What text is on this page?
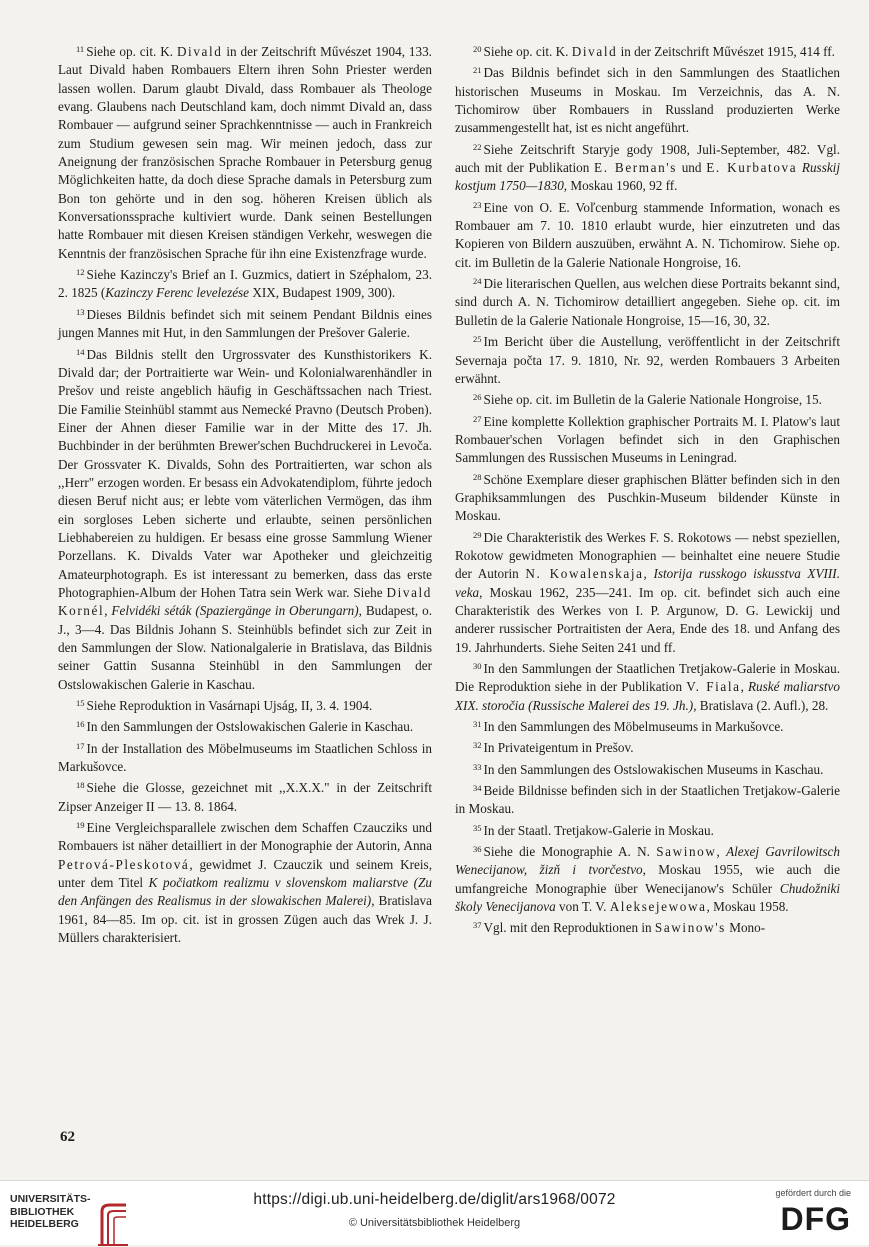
$^{11}$ Siehe op. cit. K. Divald in der Zeitschrift Művészet 1904, 133. Laut Divald haben Rombauers Eltern ihren Sohn Priester werden lassen wollen. Darum glaubt Divald, dass Rombauer als Theologe evang. Glaubens nach Deutschland kam, doch nimmt Divald an, dass Rombauer — aufgrund seiner Sprachkenntnisse — auch in Frankreich zum Studium gewesen sein mag. Wir meinen jedoch, dass zur Aneignung der französischen Sprache Rombauer in Petersburg genug Möglichkeiten hatte, da doch diese Sprache damals in Petersburg zum Bon ton gehörte und in den sog. höheren Kreisen üblich als Konversationssprache kultiviert wurde. Dank seinen Bestellungen hatte Rombauer mit diesen Kreisen ständigen Verkehr, weswegen die Kenntnis der französischen Sprache für ihn eine Existenzfrage wurde.

$^{12}$ Siehe Kazinczy's Brief an I. Guzmics, datiert in Széphalom, 23. 2. 1825 (Kazinczy Ferenc levelezése XIX, Budapest 1909, 300).

$^{13}$ Dieses Bildnis befindet sich mit seinem Pendant Bildnis eines jungen Mannes mit Hut, in den Sammlungen der Prešover Galerie.

$^{14}$ Das Bildnis stellt den Urgrossvater des Kunsthistorikers K. Divald dar; der Portraitierte war Wein- und Kolonialwarenhändler in Prešov und reiste angeblich häufig in Geschäftssachen nach Triest. Die Familie Steinhübl stammt aus Nemecké Pravno (Deutsch Proben). Einer der Ahnen dieser Familie war in der Mitte des 17. Jh. Buchbinder in der berühmten Brewer'schen Buchdruckerei in Levoča. Der Grossvater K. Divalds, Sohn des Portraitierten, war schon als ,,Herr" erzogen worden. Er besass ein Advokatendiplom, führte jedoch diesen Beruf nicht aus; er lebte vom väterlichen Vermögen, das ihm ein sorgloses Leben sicherte und erlaubte, seinen persönlichen Liebhabereien zu huldigen. Er besass eine grosse Sammlung Wiener Porzellans. K. Divalds Vater war Apotheker und gleichzeitig Amateurphotograph. Es ist interessant zu bemerken, dass das erste Photographien-Album der Hohen Tatra sein Werk war. Siehe Divald Kornél, Felvidéki séták (Spaziergänge in Oberungarn), Budapest, o. J., 3—4. Das Bildnis Johann S. Steinhübls befindet sich zur Zeit in den Sammlungen der Slow. Nationalgalerie in Bratislava, das Bildnis seiner Gattin Susanna Steinhübl in den Sammlungen der Ostslowakischen Galerie in Kaschau.

$^{15}$ Siehe Reproduktion in Vasárnapi Ujság, II, 3. 4. 1904.

$^{16}$ In den Sammlungen der Ostslowakischen Galerie in Kaschau.

$^{17}$ In der Installation des Möbelmuseums im Staatlichen Schloss in Markušovce.

$^{18}$ Siehe die Glosse, gezeichnet mit ,,X.X.X." in der Zeitschrift Zipser Anzeiger II — 13. 8. 1864.

$^{19}$ Eine Vergleichsparallele zwischen dem Schaffen Czaucziks und Rombauers ist näher detailliert in der Monographie der Autorin, Anna Petrová-Pleskotová, gewidmet J. Czauczik und seinem Kreis, unter dem Titel K počiatkom realizmu v slovenskom maliarstve (Zu den Anfängen des Realismus in der slowakischen Malerei), Bratislava 1961, 84—85. Im op. cit. ist in grossen Zügen auch das Wrek J. J. Müllers charakterisiert.

$^{20}$ Siehe op. cit. K. Divald in der Zeitschrift Művészet 1915, 414 ff.

$^{21}$ Das Bildnis befindet sich in den Sammlungen des Staatlichen historischen Museums in Moskau. Im Verzeichnis, das A. N. Tichomirow über Rombauers in Russland produzierten Werke zusammengestellt hat, ist es nicht angeführt.

$^{22}$ Siehe Zeitschrift Staryje gody 1908, Juli-September, 482. Vgl. auch mit der Publikation E. Berman's und E. Kurbatova Russkij kostjum 1750—1830, Moskau 1960, 92 ff.

$^{23}$ Eine von O. E. Voľcenburg stammende Information, wonach es Rombauer am 7. 10. 1810 erlaubt wurde, hier einzutreten und das Kopieren von Bildern auszuüben, erwähnt A. N. Tichomirow. Siehe op. cit. im Bulletin de la Galerie Nationale Hongroise, 16.

$^{24}$ Die literarischen Quellen, aus welchen diese Portraits bekannt sind, sind durch A. N. Tichomirow detailliert angegeben. Siehe op. cit. im Bulletin de la Galerie Nationale Hongroise, 15—16, 30, 32.

$^{25}$ Im Bericht über die Austellung, veröffentlicht in der Zeitschrift Severnaja počta 17. 9. 1810, Nr. 92, werden Rombauers 3 Arbeiten erwähnt.

$^{26}$ Siehe op. cit. im Bulletin de la Galerie Nationale Hongroise, 15.

$^{27}$ Eine komplette Kollektion graphischer Portraits M. I. Platow's laut Rombauer'schen Vorlagen befindet sich in den Graphischen Sammlungen des Russischen Museums in Leningrad.

$^{28}$ Schöne Exemplare dieser graphischen Blätter befinden sich in den Graphiksammlungen des Puschkin-Museum bildender Künste in Moskau.

$^{29}$ Die Charakteristik des Werkes F. S. Rokotows — nebst speziellen, Rokotow gewidmeten Monographien — beinhaltet eine neuere Studie der Autorin N. Kowalenskaja, Istorija russkogo iskusstva XVIII. veka, Moskau 1962, 235—241. Im op. cit. befindet sich auch eine Charakteristik des Werkes von I. P. Argunow, D. G. Lewickij und anderer russischer Portraitisten der Aera, Ende des 18. und Anfang des 19. Jahrhunderts. Siehe Seiten 241 und ff.

$^{30}$ In den Sammlungen der Staatlichen Tretjakow-Galerie in Moskau. Die Reproduktion siehe in der Publikation V. Fiala, Ruské maliarstvo XIX. storočia (Russische Malerei des 19. Jh.), Bratislava (2. Aufl.), 28.

$^{31}$ In den Sammlungen des Möbelmuseums in Markušovce.

$^{32}$ In Privateigentum in Prešov.

$^{33}$ In den Sammlungen des Ostslowakischen Museums in Kaschau.

$^{34}$ Beide Bildnisse befinden sich in der Staatlichen Tretjakow-Galerie in Moskau.

$^{35}$ In der Staatl. Tretjakow-Galerie in Moskau.

$^{36}$ Siehe die Monographie A. N. Sawinow, Alexej Gavrilowitsch Wenecijanow, žizň i tvorčestvo, Moskau 1955, wie auch die umfangreiche Monographie über Wenecijanow's Schüler Chudožniki školy Venecijanova von T. V. Aleksejewowa, Moskau 1958.

$^{37}$ Vgl. mit den Reproduktionen in Sawinow's Mono-

62
UNIVERSITÄTS-BIBLIOTHEK HEIDELBERG
https://digi.ub.uni-heidelberg.de/diglit/ars1968/0072
© Universitätsbibliothek Heidelberg
gefördert durch die
DFG
